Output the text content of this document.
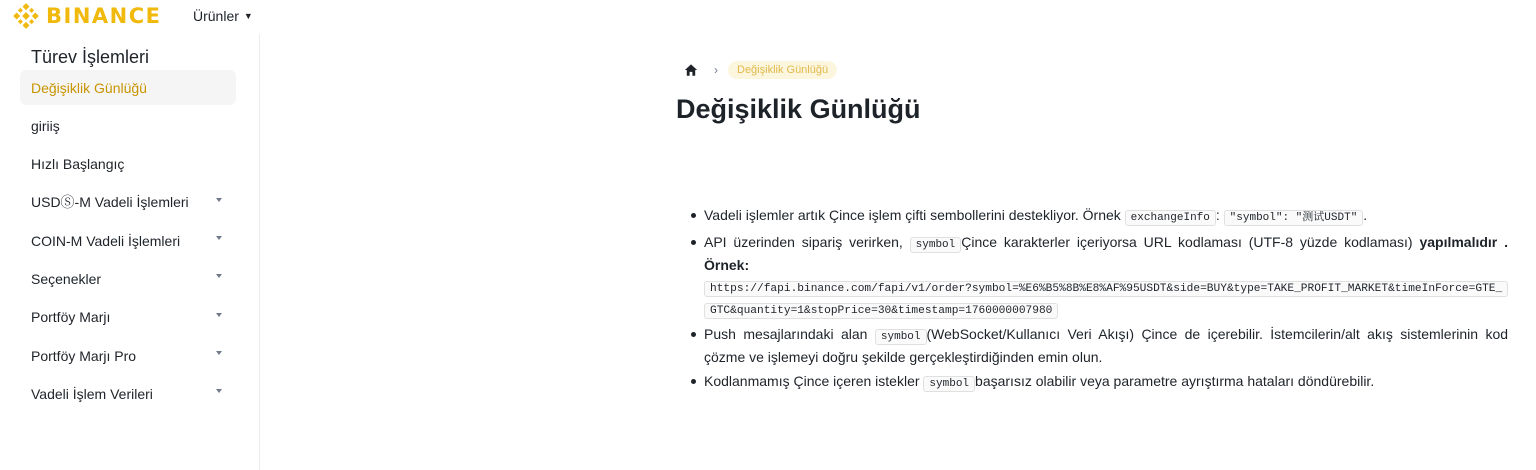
BINANCE Ürünler ▼
Türev İşlemleri
Değişiklik Günlüğü
giriiş
Hızlı Başlangıç
USDⓈ-M Vadeli İşlemleri
COIN-M Vadeli İşlemleri
Seçenekler
Portföy Marjı
Portföy Marjı Pro
Vadeli İşlem Verileri
›	Değişiklik Günlüğü
Değişiklik Günlüğü
Vadeli işlemler artık Çince işlem çifti sembollerini destekliyor. Örnek exchangeInfo : "symbol": "测试USDT" .
API üzerinden sipariş verirken, symbol Çince karakterler içeriyorsa URL kodlaması (UTF-8 yüzde kodlaması) yapılmalıdır . Örnek:
https://fapi.binance.com/fapi/v1/order?symbol=%E6%B5%8B%E8%AF%95USDT&side=BUY&type=TAKE_PROFIT_MARKET&timeInForce=GTE_GTC&quantity=1&stopPrice=30&timestamp=1760000007980
Push mesajlarındaki alan symbol (WebSocket/Kullanıcı Veri Akışı) Çince de içerebilir. İstemcilerin/alt akış sistemlerinin kod çözme ve işlemeyi doğru şekilde gerçekleştirdiğinden emin olun.
Kodlanmamış Çince içeren istekler symbol başarısız olabilir veya parametre ayrıştırma hataları döndürebilir.
